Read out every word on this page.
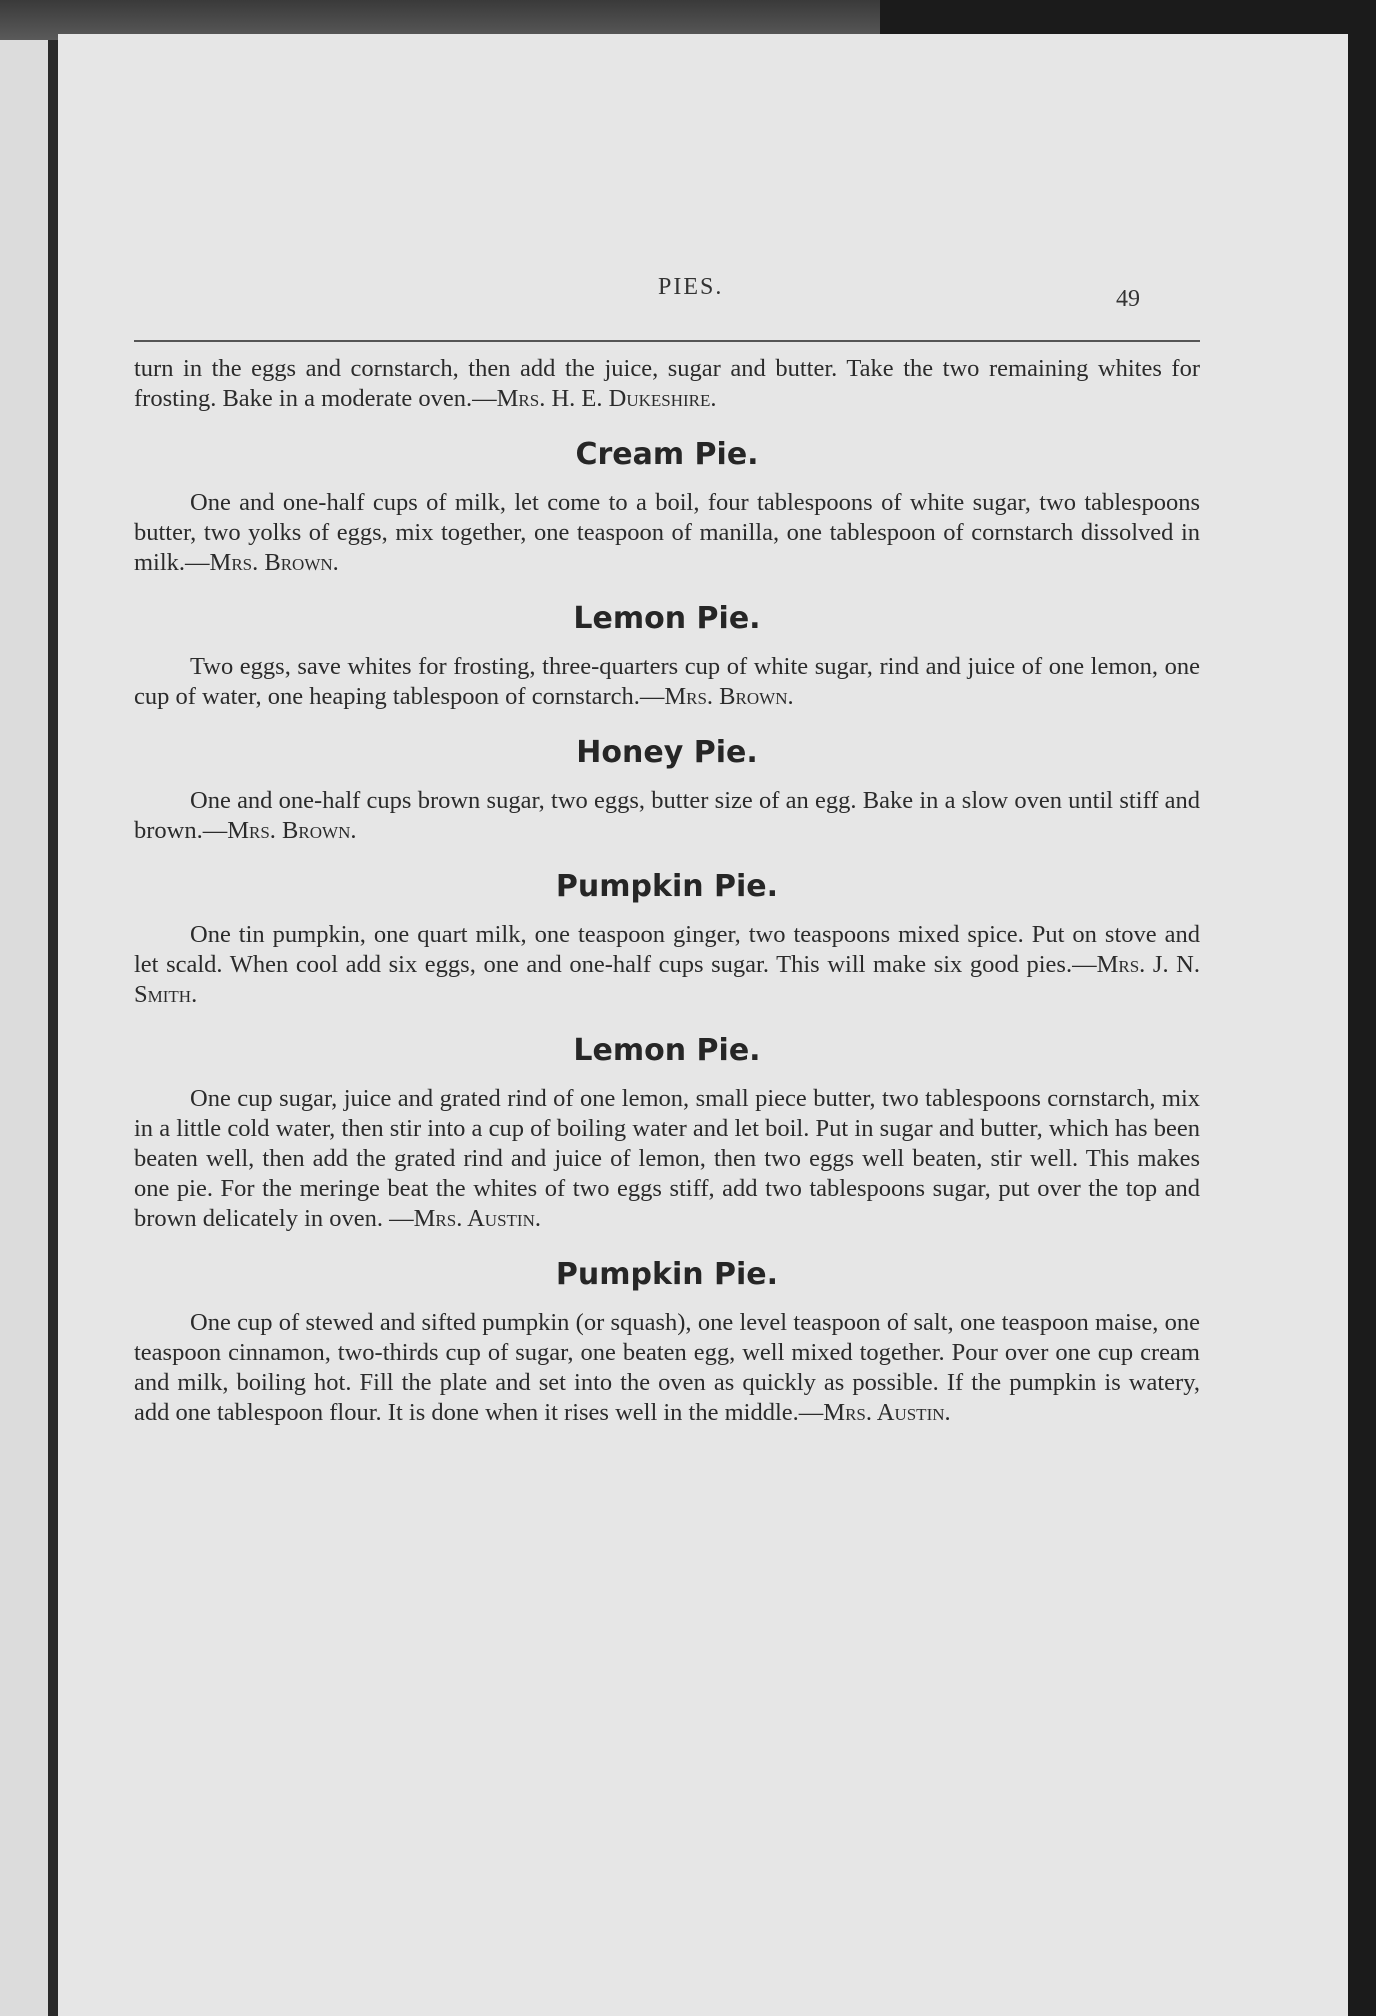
PIES.	49

turn in the eggs and cornstarch, then add the juice, sugar and butter. Take the two remaining whites for frosting. Bake in a moderate oven.—Mrs. H. E. Dukeshire.

Cream Pie.

One and one-half cups of milk, let come to a boil, four tablespoons of white sugar, two tablespoons butter, two yolks of eggs, mix together, one teaspoon of manilla, one tablespoon of cornstarch dissolved in milk.—Mrs. Brown.

Lemon Pie.

Two eggs, save whites for frosting, three-quarters cup of white sugar, rind and juice of one lemon, one cup of water, one heaping tablespoon of cornstarch.—Mrs. Brown.

Honey Pie.

One and one-half cups brown sugar, two eggs, butter size of an egg. Bake in a slow oven until stiff and brown.—Mrs. Brown.

Pumpkin Pie.

One tin pumpkin, one quart milk, one teaspoon ginger, two teaspoons mixed spice. Put on stove and let scald. When cool add six eggs, one and one-half cups sugar. This will make six good pies.—Mrs. J. N. Smith.

Lemon Pie.

One cup sugar, juice and grated rind of one lemon, small piece butter, two tablespoons cornstarch, mix in a little cold water, then stir into a cup of boiling water and let boil. Put in sugar and butter, which has been beaten well, then add the grated rind and juice of lemon, then two eggs well beaten, stir well. This makes one pie. For the meringe beat the whites of two eggs stiff, add two tablespoons sugar, put over the top and brown delicately in oven. —Mrs. Austin.

Pumpkin Pie.

One cup of stewed and sifted pumpkin (or squash), one level teaspoon of salt, one teaspoon maise, one teaspoon cinnamon, two-thirds cup of sugar, one beaten egg, well mixed together. Pour over one cup cream and milk, boiling hot. Fill the plate and set into the oven as quickly as possible. If the pumpkin is watery, add one tablespoon flour. It is done when it rises well in the middle.—Mrs. Austin.
